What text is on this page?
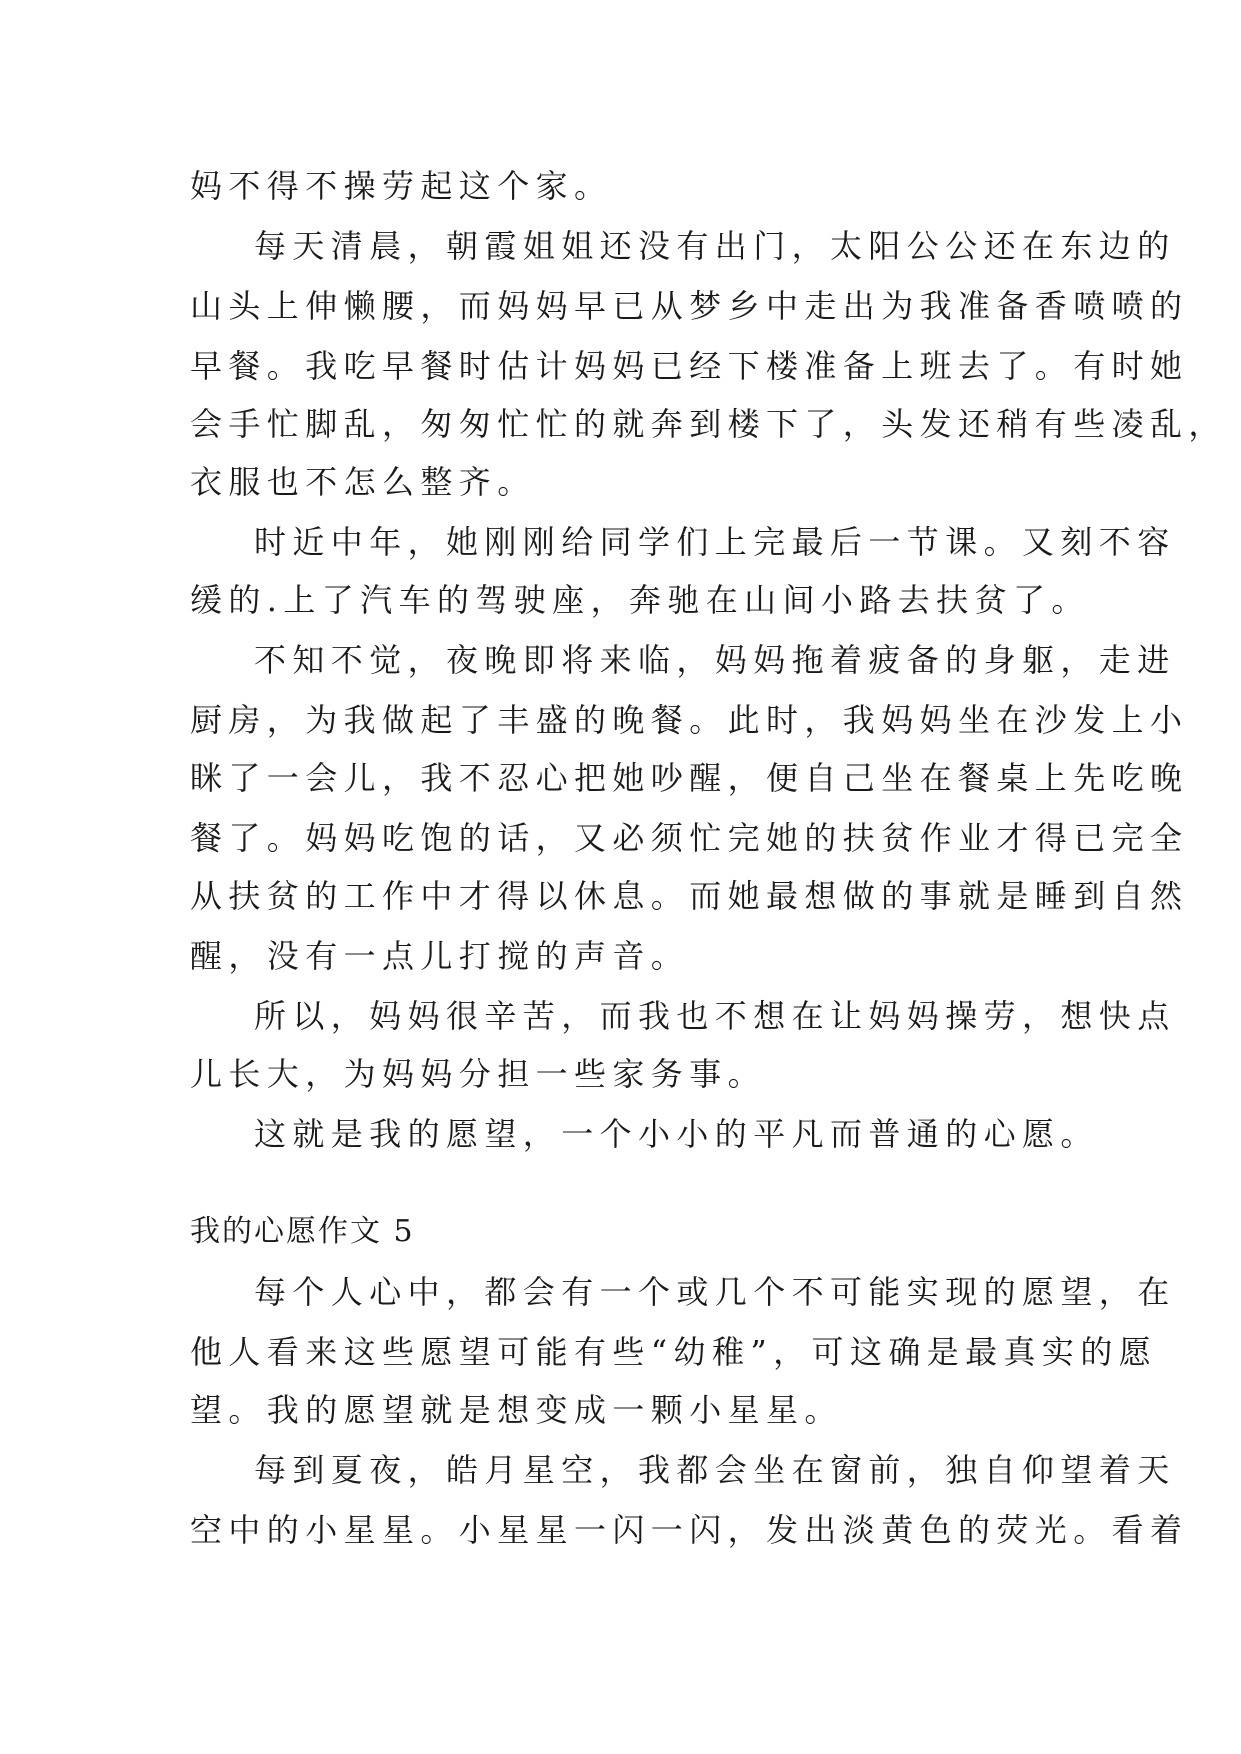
妈不得不操劳起这个家。
每天清晨，朝霞姐姐还没有出门，太阳公公还在东边的
山头上伸懒腰，而妈妈早已从梦乡中走出为我准备香喷喷的
早餐。我吃早餐时估计妈妈已经下楼准备上班去了。有时她
会手忙脚乱，匆匆忙忙的就奔到楼下了，头发还稍有些凌乱，
衣服也不怎么整齐。
时近中年，她刚刚给同学们上完最后一节课。又刻不容
缓的.上了汽车的驾驶座，奔驰在山间小路去扶贫了。
不知不觉，夜晚即将来临，妈妈拖着疲备的身躯，走进
厨房，为我做起了丰盛的晚餐。此时，我妈妈坐在沙发上小
眯了一会儿，我不忍心把她吵醒，便自己坐在餐桌上先吃晚
餐了。妈妈吃饱的话，又必须忙完她的扶贫作业才得已完全
从扶贫的工作中才得以休息。而她最想做的事就是睡到自然
醒，没有一点儿打搅的声音。
所以，妈妈很辛苦，而我也不想在让妈妈操劳，想快点
儿长大，为妈妈分担一些家务事。
这就是我的愿望，一个小小的平凡而普通的心愿。
我的心愿作文 5
每个人心中，都会有一个或几个不可能实现的愿望，在
他人看来这些愿望可能有些“幼稚”，可这确是最真实的愿
望。我的愿望就是想变成一颗小星星。
每到夏夜，皓月星空，我都会坐在窗前，独自仰望着天
空中的小星星。小星星一闪一闪，发出淡黄色的荧光。看着
